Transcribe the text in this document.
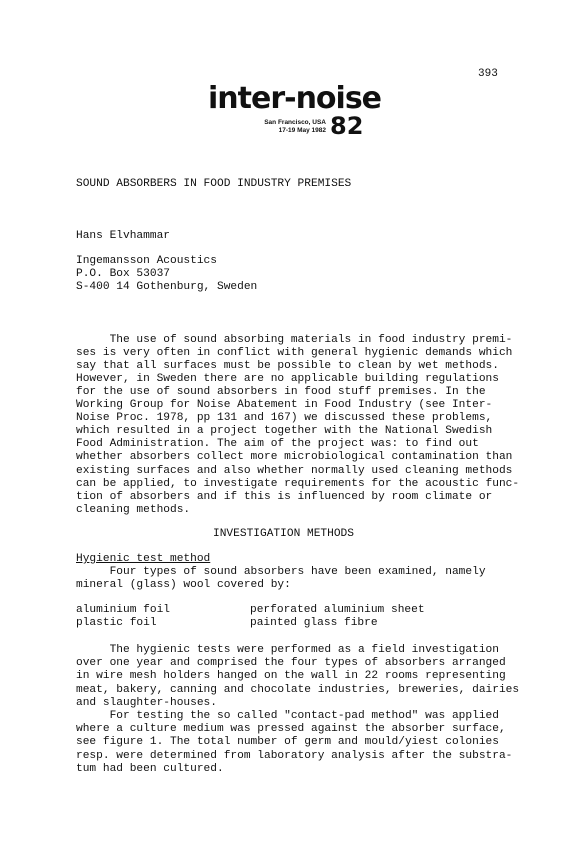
393
inter-noise
San Francisco, USA
17-19 May 1982 82
SOUND ABSORBERS IN FOOD INDUSTRY PREMISES
Hans Elvhammar
Ingemansson Acoustics
P.O. Box 53037
S-400 14 Gothenburg, Sweden
The use of sound absorbing materials in food industry premi-
ses is very often in conflict with general hygienic demands which
say that all surfaces must be possible to clean by wet methods.
However, in Sweden there are no applicable building regulations
for the use of sound absorbers in food stuff premises. In the
Working Group for Noise Abatement in Food Industry (see Inter-
Noise Proc. 1978, pp 131 and 167) we discussed these problems,
which resulted in a project together with the National Swedish
Food Administration. The aim of the project was: to find out
whether absorbers collect more microbiological contamination than
existing surfaces and also whether normally used cleaning methods
can be applied, to investigate requirements for the acoustic func-
tion of absorbers and if this is influenced by room climate or
cleaning methods.
INVESTIGATION METHODS
Hygienic test method
Four types of sound absorbers have been examined, namely
mineral (glass) wool covered by:
aluminium foil	perforated aluminium sheet
plastic foil	painted glass fibre
The hygienic tests were performed as a field investigation
over one year and comprised the four types of absorbers arranged
in wire mesh holders hanged on the wall in 22 rooms representing
meat, bakery, canning and chocolate industries, breweries, dairies
and slaughter-houses.
For testing the so called "contact-pad method" was applied
where a culture medium was pressed against the absorber surface,
see figure 1. The total number of germ and mould/yiest colonies
resp. were determined from laboratory analysis after the substra-
tum had been cultured.
